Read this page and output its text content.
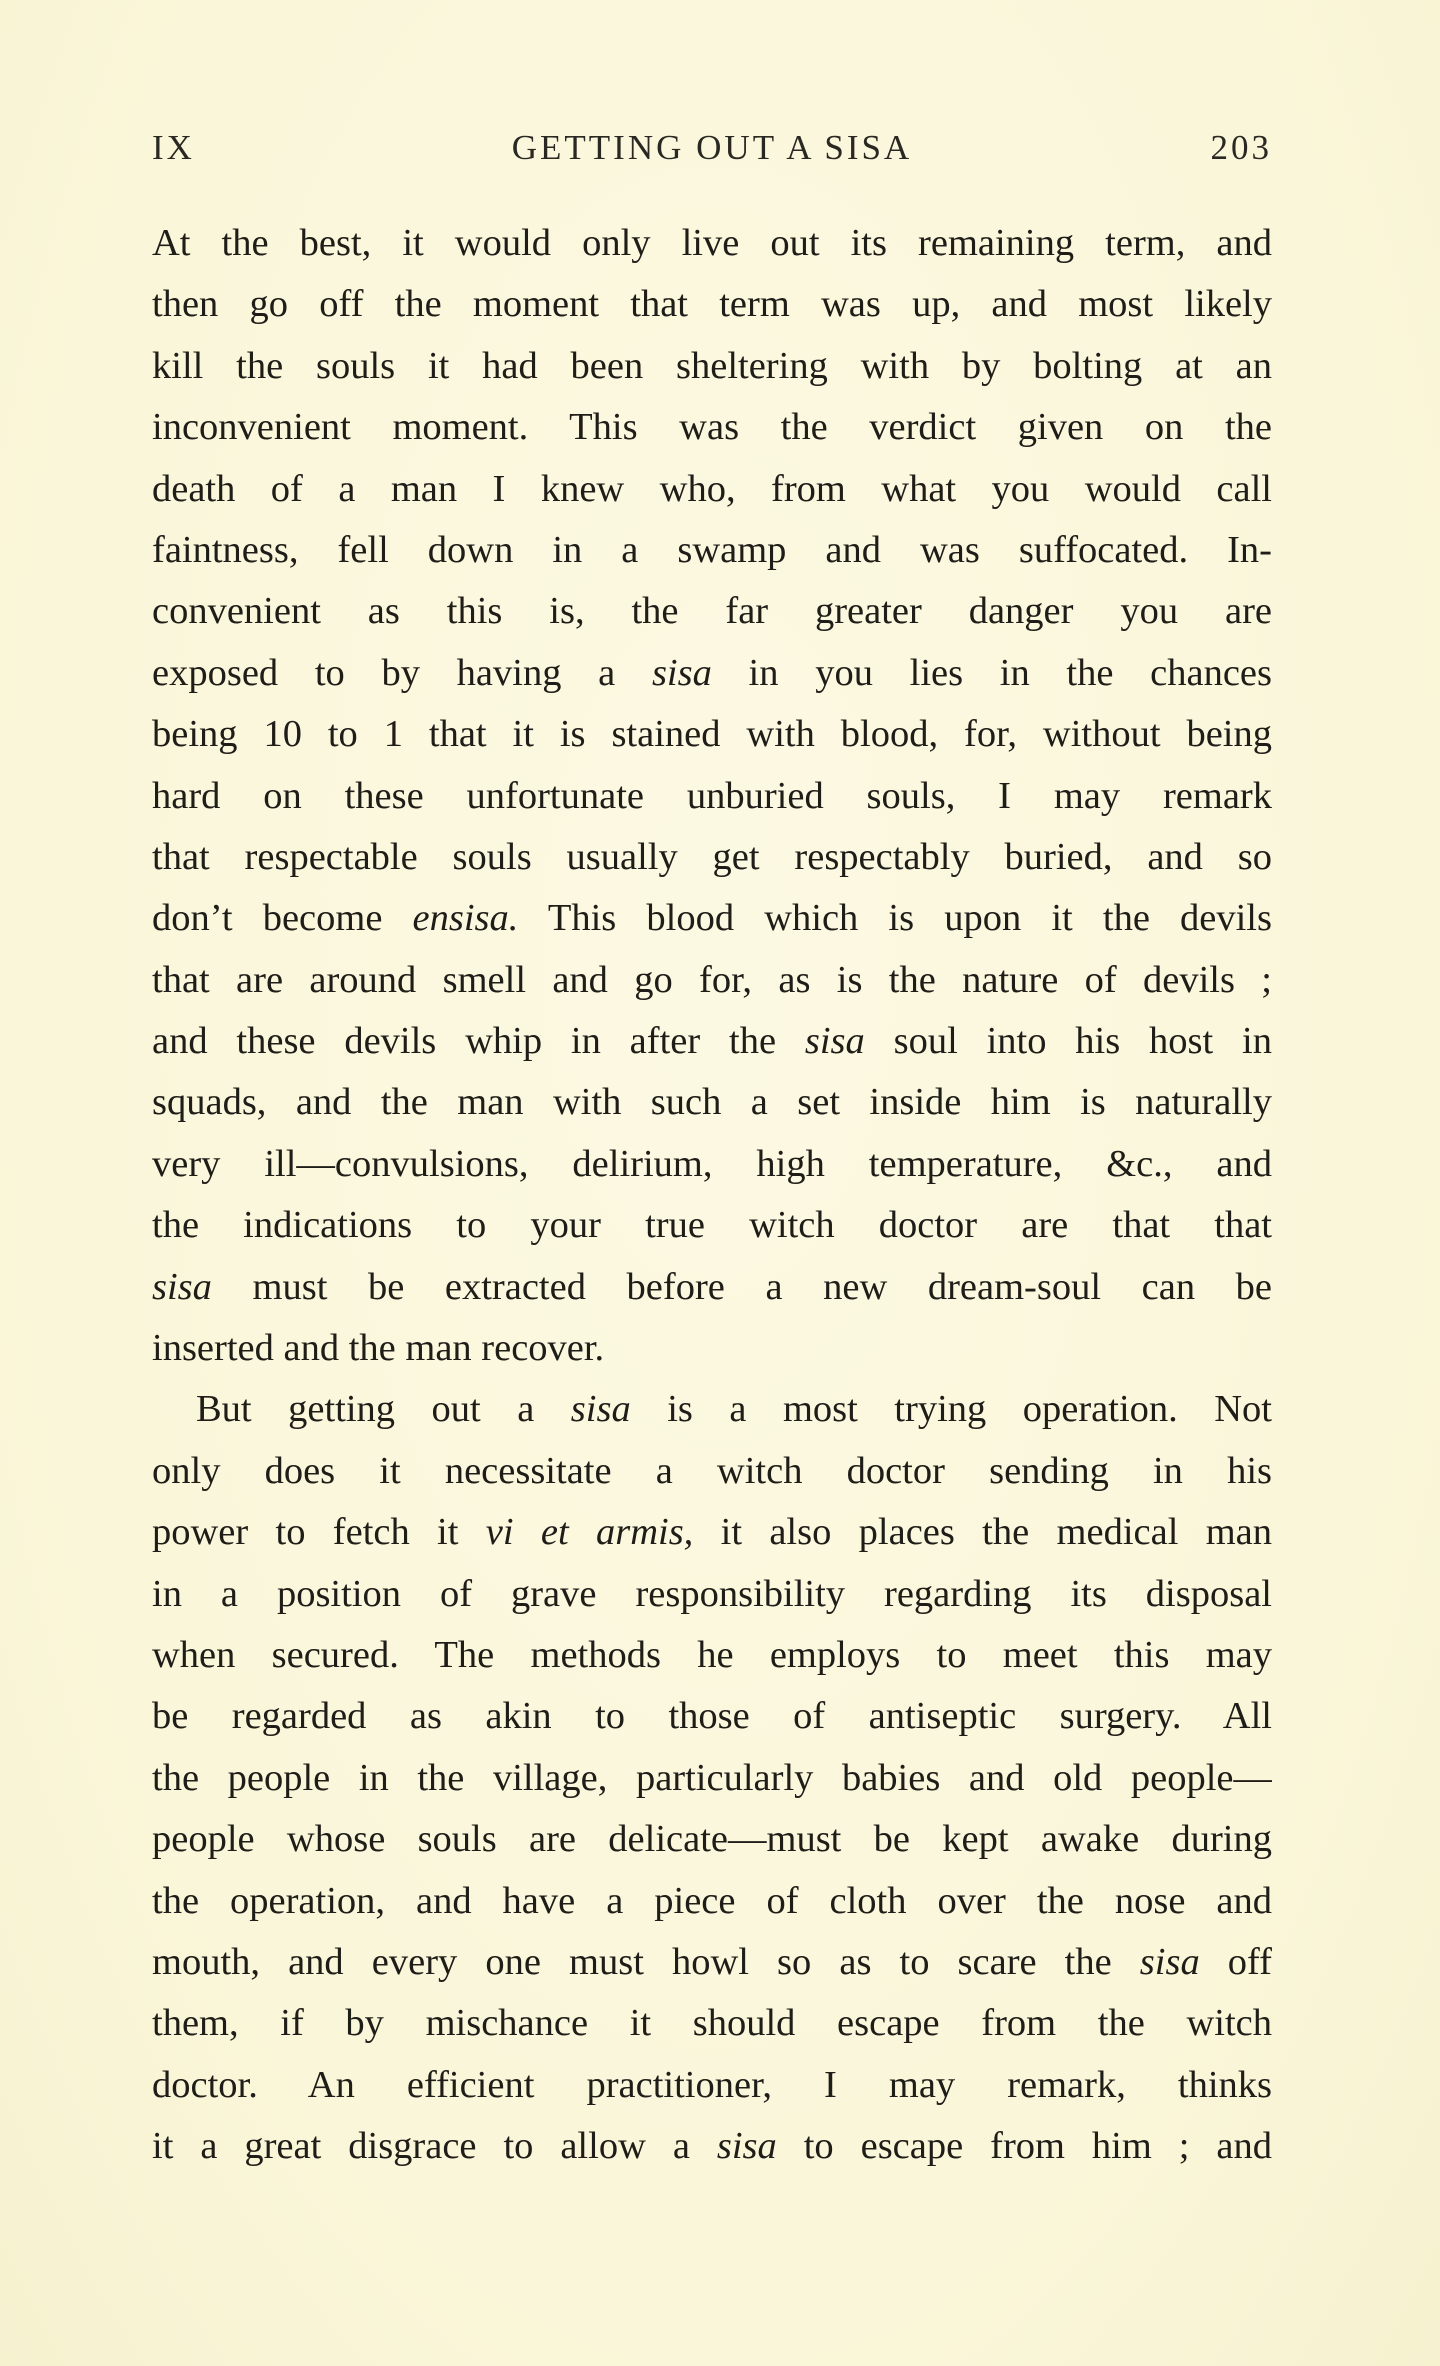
IX	GETTING OUT A SISA	203
At the best, it would only live out its remaining term, and
then go off the moment that term was up, and most likely
kill the souls it had been sheltering with by bolting at an
inconvenient moment. This was the verdict given on the
death of a man I knew who, from what you would call
faintness, fell down in a swamp and was suffocated. In-
convenient as this is, the far greater danger you are
exposed to by having a sisa in you lies in the chances
being 10 to 1 that it is stained with blood, for, without being
hard on these unfortunate unburied souls, I may remark
that respectable souls usually get respectably buried, and so
don’t become ensisa. This blood which is upon it the devils
that are around smell and go for, as is the nature of devils ;
and these devils whip in after the sisa soul into his host in
squads, and the man with such a set inside him is naturally
very ill—convulsions, delirium, high temperature, &c., and
the indications to your true witch doctor are that that
sisa must be extracted before a new dream-soul can be
inserted and the man recover.
But getting out a sisa is a most trying operation. Not
only does it necessitate a witch doctor sending in his
power to fetch it vi et armis, it also places the medical man
in a position of grave responsibility regarding its disposal
when secured. The methods he employs to meet this may
be regarded as akin to those of antiseptic surgery. All
the people in the village, particularly babies and old people—
people whose souls are delicate—must be kept awake during
the operation, and have a piece of cloth over the nose and
mouth, and every one must howl so as to scare the sisa off
them, if by mischance it should escape from the witch
doctor. An efficient practitioner, I may remark, thinks
it a great disgrace to allow a sisa to escape from him ; and
